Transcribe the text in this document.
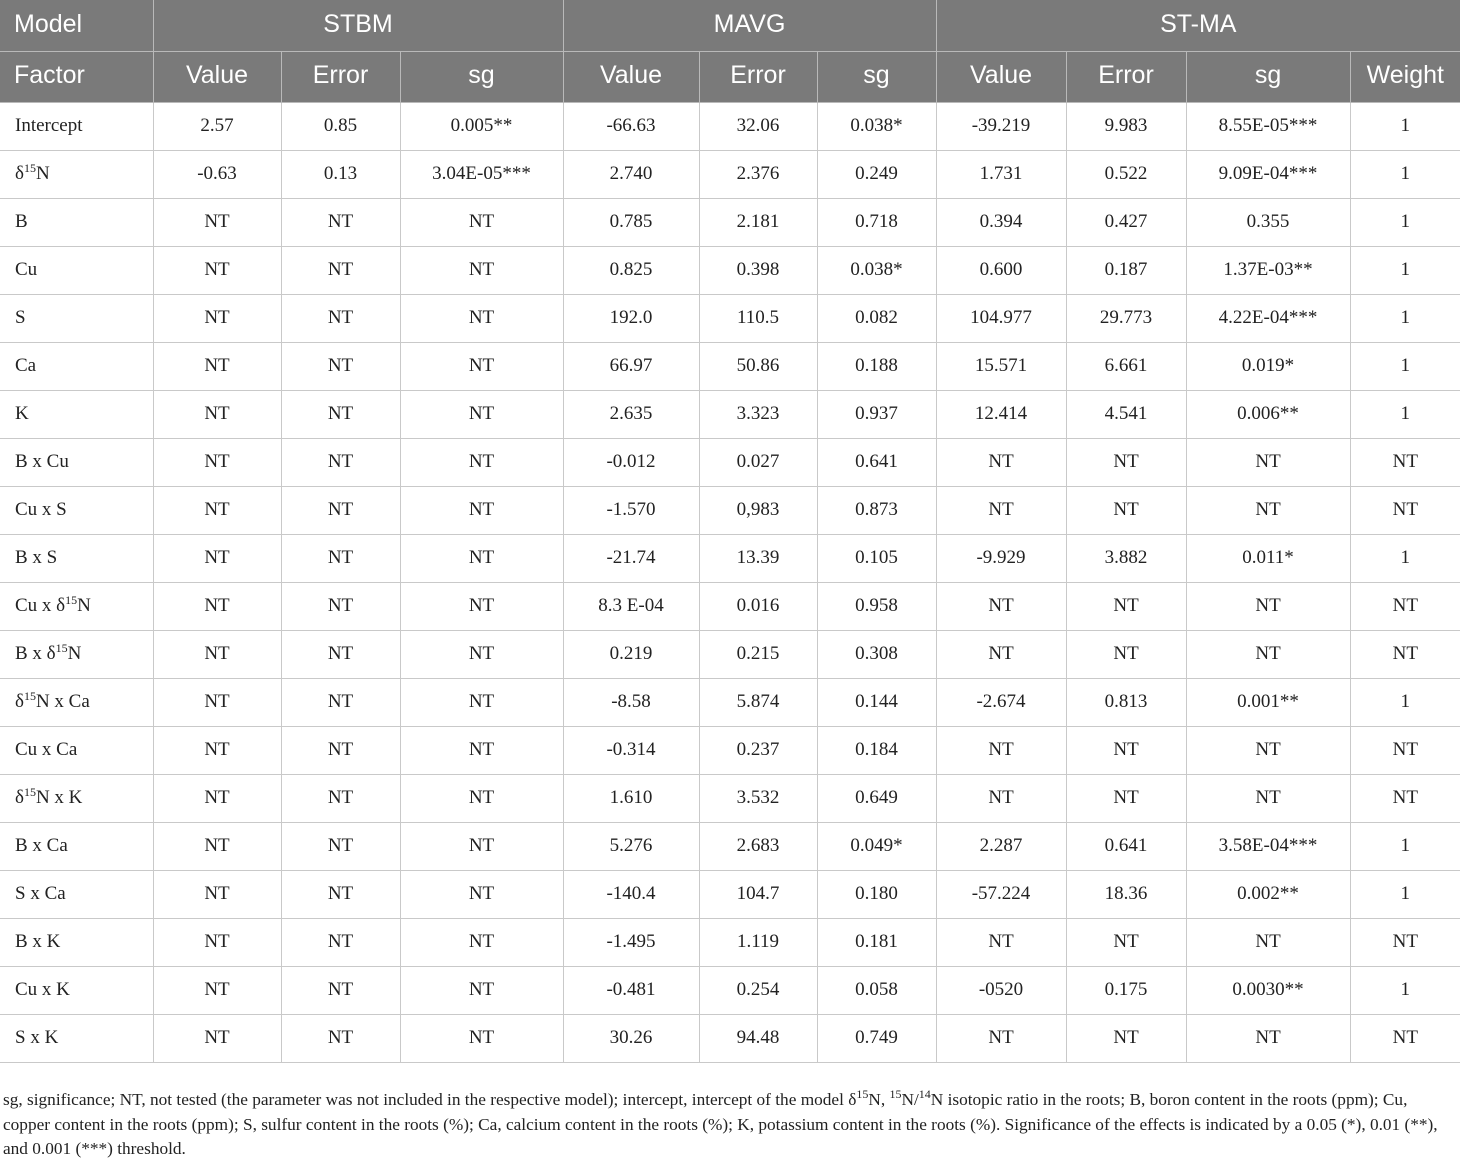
Model	STBM			MAVG			ST-MA			
Factor	Value	Error	sg	Value	Error	sg	Value	Error	sg	Weight
Intercept	2.57	0.85	0.005**	-66.63	32.06	0.038*	-39.219	9.983	8.55E-05***	1
$\delta^{15}N$	-0.63	0.13	3.04E-05***	2.740	2.376	0.249	1.731	0.522	9.09E-04***	1
B	NT	NT	NT	0.785	2.181	0.718	0.394	0.427	0.355	1
Cu	NT	NT	NT	0.825	0.398	0.038*	0.600	0.187	1.37E-03**	1
S	NT	NT	NT	192.0	110.5	0.082	104.977	29.773	4.22E-04***	1
Ca	NT	NT	NT	66.97	50.86	0.188	15.571	6.661	0.019*	1
K	NT	NT	NT	2.635	3.323	0.937	12.414	4.541	0.006**	1
B x Cu	NT	NT	NT	-0.012	0.027	0.641	NT	NT	NT	NT
Cu x S	NT	NT	NT	-1.570	0,983	0.873	NT	NT	NT	NT
B x S	NT	NT	NT	-21.74	13.39	0.105	-9.929	3.882	0.011*	1
Cu x $\delta^{15}N$	NT	NT	NT	8.3 E-04	0.016	0.958	NT	NT	NT	NT
B x $\delta^{15}N$	NT	NT	NT	0.219	0.215	0.308	NT	NT	NT	NT
$\delta^{15}N$ x Ca	NT	NT	NT	-8.58	5.874	0.144	-2.674	0.813	0.001**	1
Cu x Ca	NT	NT	NT	-0.314	0.237	0.184	NT	NT	NT	NT
$\delta^{15}N$ x K	NT	NT	NT	1.610	3.532	0.649	NT	NT	NT	NT
B x Ca	NT	NT	NT	5.276	2.683	0.049*	2.287	0.641	3.58E-04***	1
S x Ca	NT	NT	NT	-140.4	104.7	0.180	-57.224	18.36	0.002**	1
B x K	NT	NT	NT	-1.495	1.119	0.181	NT	NT	NT	NT
Cu x K	NT	NT	NT	-0.481	0.254	0.058	-0520	0.175	0.0030**	1
S x K	NT	NT	NT	30.26	94.48	0.749	NT	NT	NT	NT
sg, significance; NT, not tested (the parameter was not included in the respective model); intercept, intercept of the model $\delta^{15}N$, $^{15}$N/$^{14}$N isotopic ratio in the roots; B, boron content in the roots (ppm); Cu, copper content in the roots (ppm); S, sulfur content in the roots (%); Ca, calcium content in the roots (%); K, potassium content in the roots (%). Significance of the effects is indicated by a 0.05 (*), 0.01 (**), and 0.001 (***) threshold.
